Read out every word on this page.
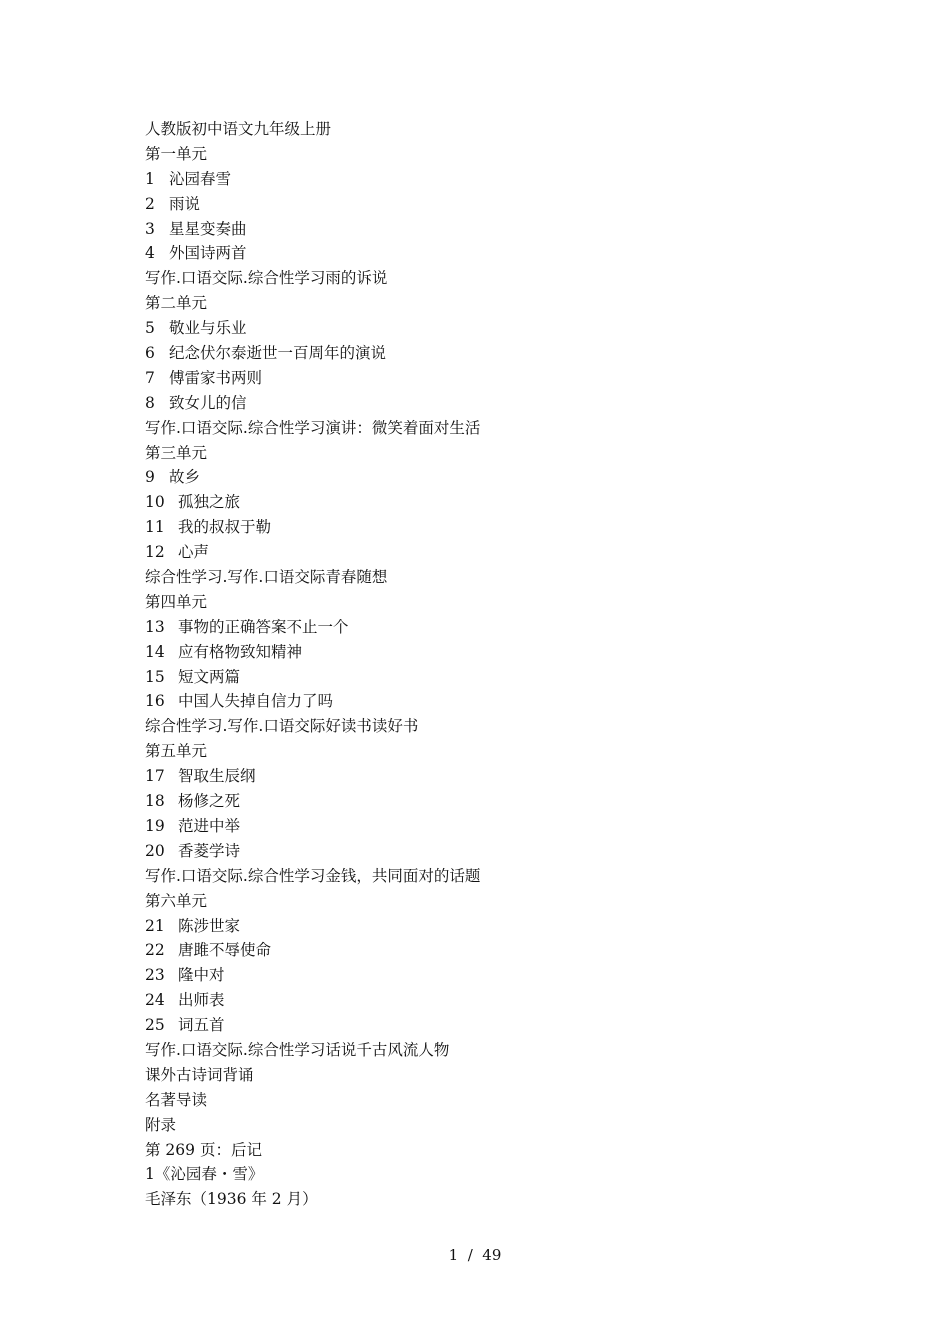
人教版初中语文九年级上册
第一单元
1 沁园春雪
2 雨说
3 星星变奏曲
4 外国诗两首
写作.口语交际.综合性学习雨的诉说
第二单元
5 敬业与乐业
6 纪念伏尔泰逝世一百周年的演说
7 傅雷家书两则
8 致女儿的信
写作.口语交际.综合性学习演讲：微笑着面对生活
第三单元
9 故乡
10 孤独之旅
11 我的叔叔于勒
12 心声
综合性学习.写作.口语交际青春随想
第四单元
13 事物的正确答案不止一个
14 应有格物致知精神
15 短文两篇
16 中国人失掉自信力了吗
综合性学习.写作.口语交际好读书读好书
第五单元
17 智取生辰纲
18 杨修之死
19 范进中举
20 香菱学诗
写作.口语交际.综合性学习金钱，共同面对的话题
第六单元
21 陈涉世家
22 唐雎不辱使命
23 隆中对
24 出师表
25 词五首
写作.口语交际.综合性学习话说千古风流人物
课外古诗词背诵
名著导读
附录
第 269 页：后记
1《沁园春・雪》
毛泽东（1936 年 2 月）
1  /  49
